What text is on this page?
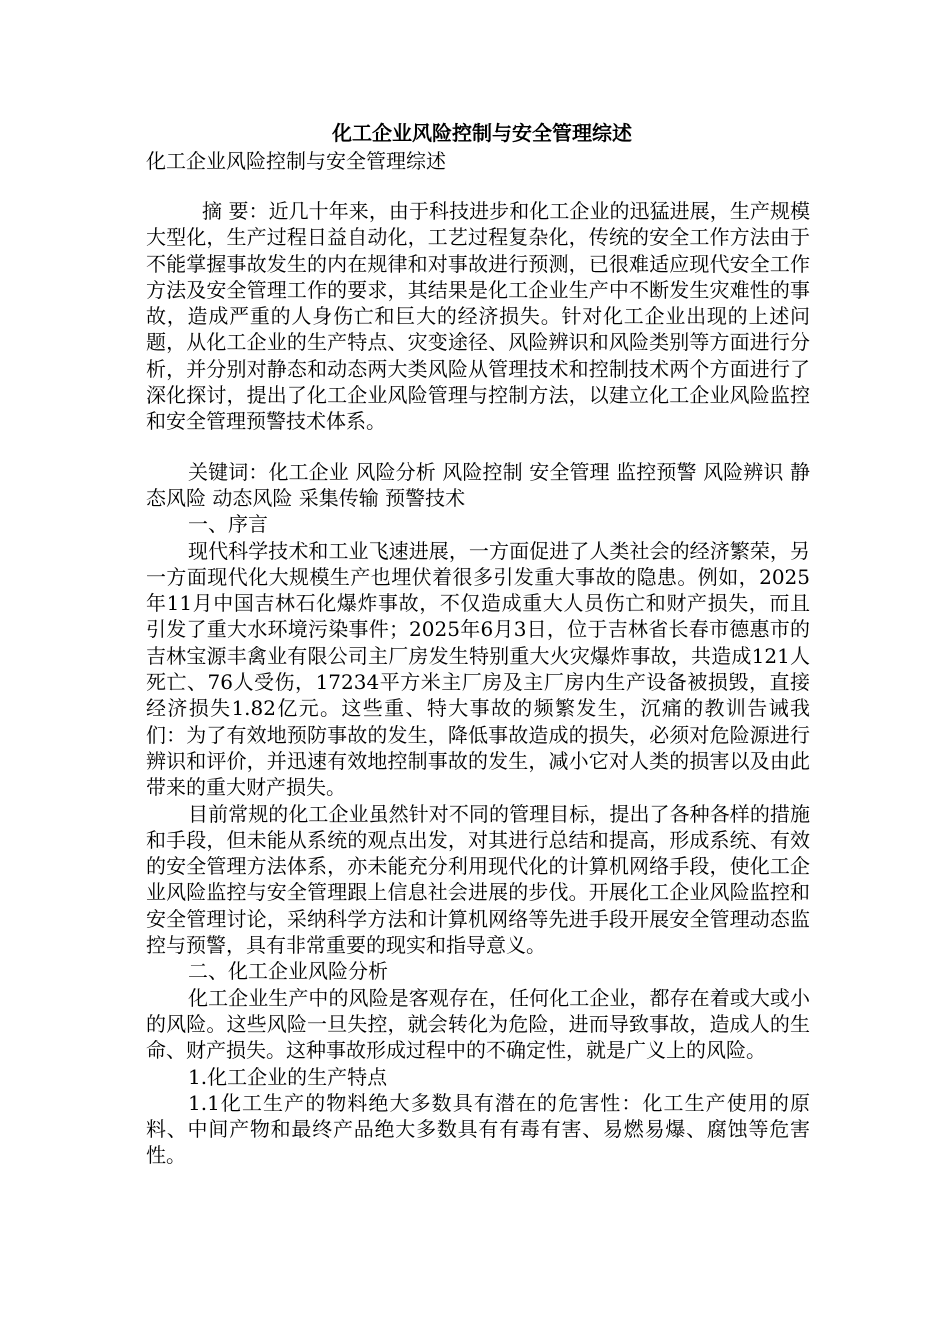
化工企业风险控制与安全管理综述

化工企业风险控制与安全管理综述

摘 要：近几十年来，由于科技进步和化工企业的迅猛进展，生产规模大型化，生产过程日益自动化，工艺过程复杂化，传统的安全工作方法由于不能掌握事故发生的内在规律和对事故进行预测，已很难适应现代安全工作方法及安全管理工作的要求，其结果是化工企业生产中不断发生灾难性的事故，造成严重的人身伤亡和巨大的经济损失。针对化工企业出现的上述问题，从化工企业的生产特点、灾变途径、风险辨识和风险类别等方面进行分析，并分别对静态和动态两大类风险从管理技术和控制技术两个方面进行了深化探讨，提出了化工企业风险管理与控制方法，以建立化工企业风险监控和安全管理预警技术体系。

关键词：化工企业 风险分析 风险控制 安全管理 监控预警 风险辨识 静态风险 动态风险 采集传输 预警技术

一、序言

现代科学技术和工业飞速进展，一方面促进了人类社会的经济繁荣，另一方面现代化大规模生产也埋伏着很多引发重大事故的隐患。例如，2025年11月中国吉林石化爆炸事故，不仅造成重大人员伤亡和财产损失，而且引发了重大水环境污染事件；2025年6月3日，位于吉林省长春市德惠市的吉林宝源丰禽业有限公司主厂房发生特别重大火灾爆炸事故，共造成121人死亡、76人受伤，17234平方米主厂房及主厂房内生产设备被损毁，直接经济损失1.82亿元。这些重、特大事故的频繁发生，沉痛的教训告诫我们：为了有效地预防事故的发生，降低事故造成的损失，必须对危险源进行辨识和评价，并迅速有效地控制事故的发生，减小它对人类的损害以及由此带来的重大财产损失。

目前常规的化工企业虽然针对不同的管理目标，提出了各种各样的措施和手段，但未能从系统的观点出发，对其进行总结和提高，形成系统、有效的安全管理方法体系，亦未能充分利用现代化的计算机网络手段，使化工企业风险监控与安全管理跟上信息社会进展的步伐。开展化工企业风险监控和安全管理讨论，采纳科学方法和计算机网络等先进手段开展安全管理动态监控与预警，具有非常重要的现实和指导意义。

二、化工企业风险分析

化工企业生产中的风险是客观存在，任何化工企业，都存在着或大或小的风险。这些风险一旦失控，就会转化为危险，进而导致事故，造成人的生命、财产损失。这种事故形成过程中的不确定性，就是广义上的风险。

1.化工企业的生产特点

1.1化工生产的物料绝大多数具有潜在的危害性：化工生产使用的原料、中间产物和最终产品绝大多数具有有毒有害、易燃易爆、腐蚀等危害性。
